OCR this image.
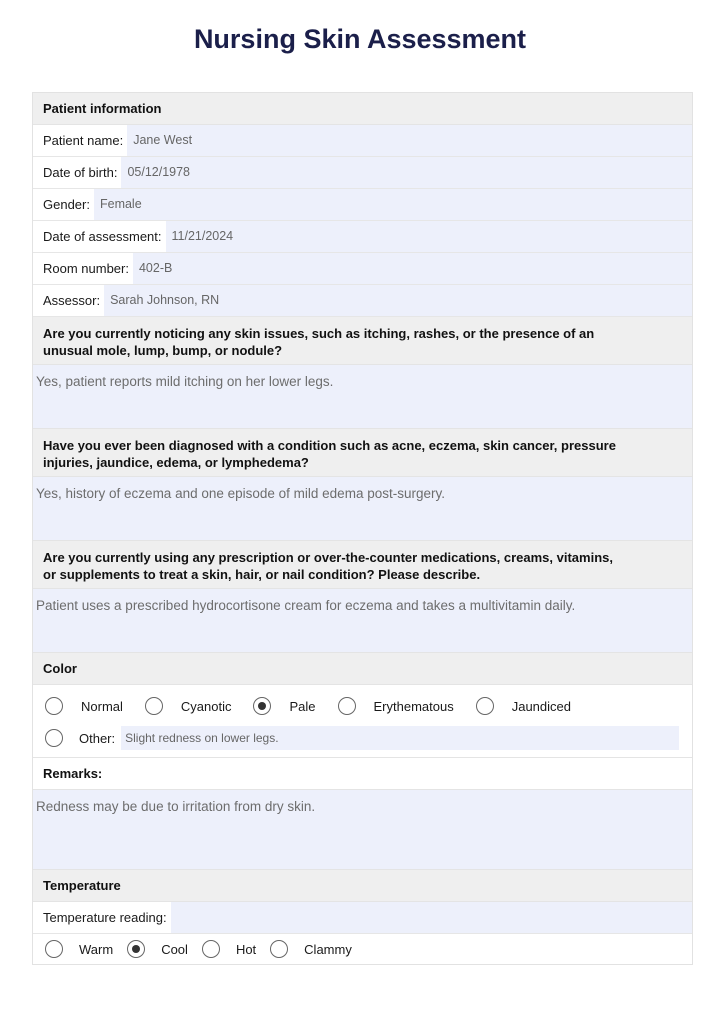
Nursing Skin Assessment
Patient information
Patient name: Jane West
Date of birth: 05/12/1978
Gender: Female
Date of assessment: 11/21/2024
Room number: 402-B
Assessor: Sarah Johnson, RN
Are you currently noticing any skin issues, such as itching, rashes, or the presence of an
unusual mole, lump, bump, or nodule?
Yes, patient reports mild itching on her lower legs.
Have you ever been diagnosed with a condition such as acne, eczema, skin cancer, pressure
injuries, jaundice, edema, or lymphedema?
Yes, history of eczema and one episode of mild edema post-surgery.
Are you currently using any prescription or over-the-counter medications, creams, vitamins,
or supplements to treat a skin, hair, or nail condition? Please describe.
Patient uses a prescribed hydrocortisone cream for eczema and takes a multivitamin daily.
Color
Normal	Cyanotic	Pale	Erythematous	Jaundiced
Other: Slight redness on lower legs.
Remarks:
Redness may be due to irritation from dry skin.
Temperature
Temperature reading:
Warm	Cool	Hot	Clammy
